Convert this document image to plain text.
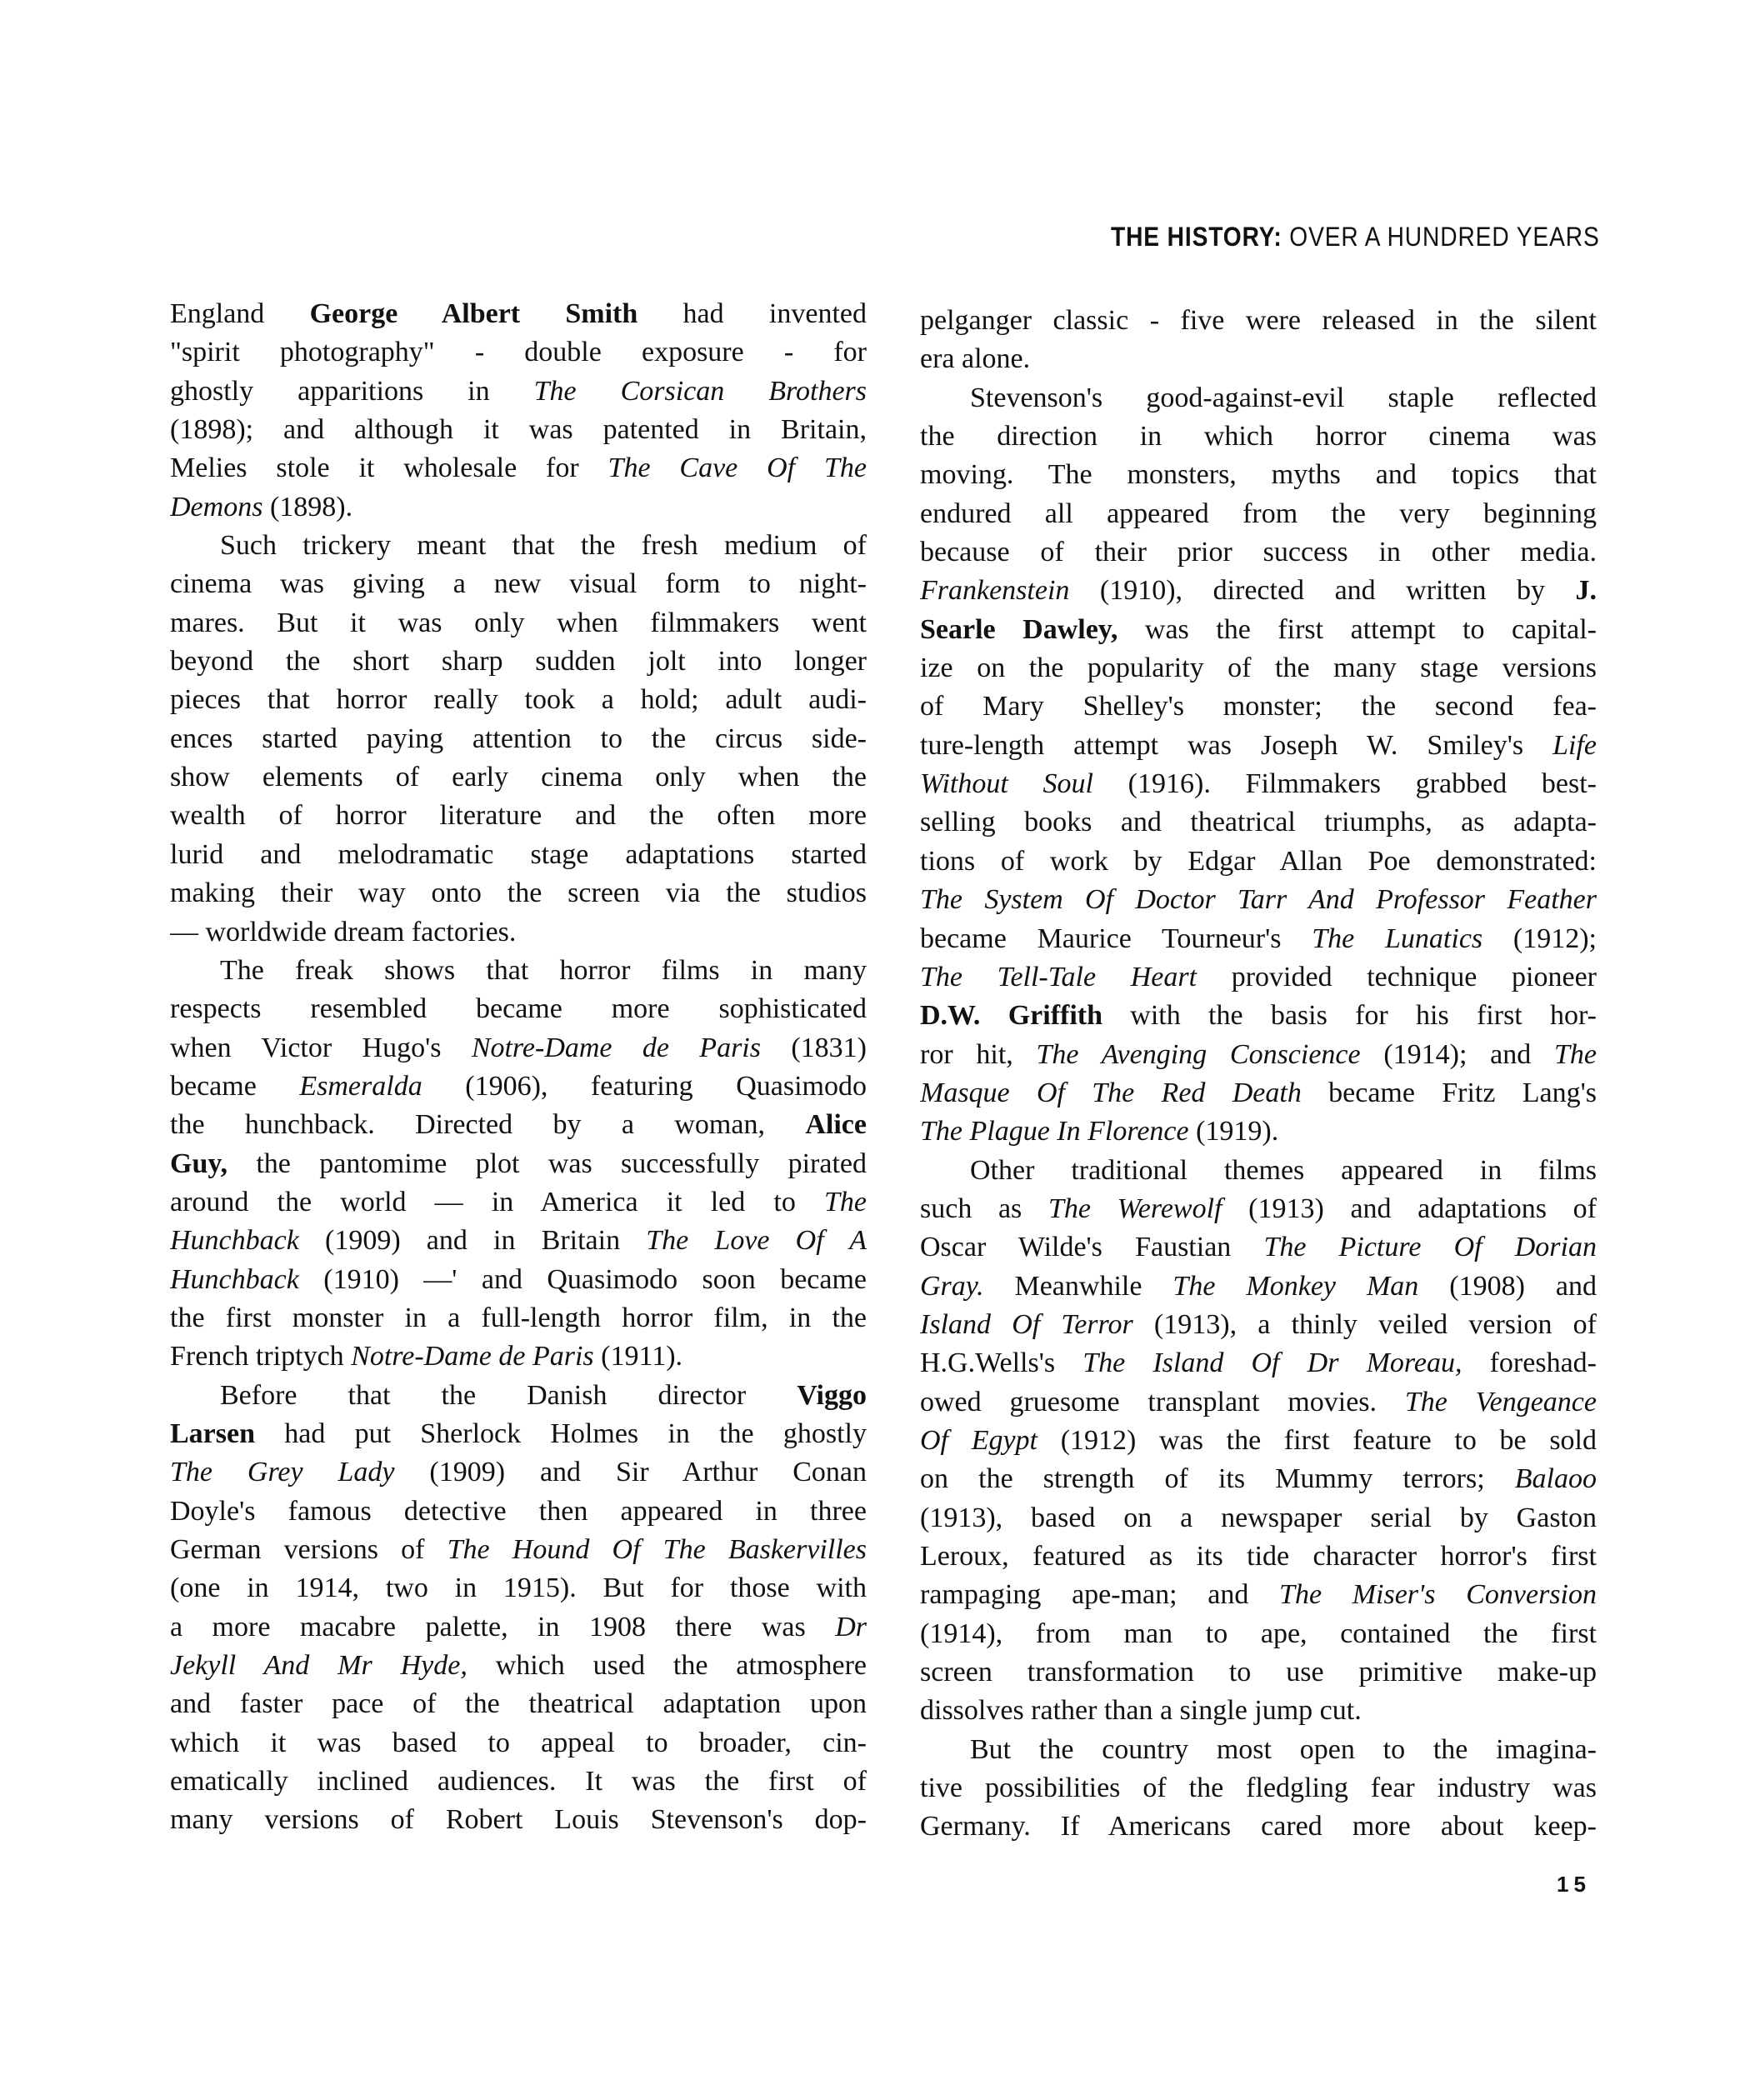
THE HISTORY: OVER A HUNDRED YEARS
England George Albert Smith had invented
"spirit photography" - double exposure - for
ghostly apparitions in The Corsican Brothers
(1898); and although it was patented in Britain,
Melies stole it wholesale for The Cave Of The
Demons (1898).
Such trickery meant that the fresh medium of
cinema was giving a new visual form to night-
mares. But it was only when filmmakers went
beyond the short sharp sudden jolt into longer
pieces that horror really took a hold; adult audi-
ences started paying attention to the circus side-
show elements of early cinema only when the
wealth of horror literature and the often more
lurid and melodramatic stage adaptations started
making their way onto the screen via the studios
— worldwide dream factories.
The freak shows that horror films in many
respects resembled became more sophisticated
when Victor Hugo's Notre-Dame de Paris (1831)
became Esmeralda (1906), featuring Quasimodo
the hunchback. Directed by a woman, Alice
Guy, the pantomime plot was successfully pirated
around the world — in America it led to The
Hunchback (1909) and in Britain The Love Of A
Hunchback (1910) —' and Quasimodo soon became
the first monster in a full-length horror film, in the
French triptych Notre-Dame de Paris (1911).
Before that the Danish director Viggo
Larsen had put Sherlock Holmes in the ghostly
The Grey Lady (1909) and Sir Arthur Conan
Doyle's famous detective then appeared in three
German versions of The Hound Of The Baskervilles
(one in 1914, two in 1915). But for those with
a more macabre palette, in 1908 there was Dr
Jekyll And Mr Hyde, which used the atmosphere
and faster pace of the theatrical adaptation upon
which it was based to appeal to broader, cin-
ematically inclined audiences. It was the first of
many versions of Robert Louis Stevenson's dop-
pelganger classic - five were released in the silent
era alone.
Stevenson's good-against-evil staple reflected
the direction in which horror cinema was
moving. The monsters, myths and topics that
endured all appeared from the very beginning
because of their prior success in other media.
Frankenstein (1910), directed and written by J.
Searle Dawley, was the first attempt to capital-
ize on the popularity of the many stage versions
of Mary Shelley's monster; the second fea-
ture-length attempt was Joseph W. Smiley's Life
Without Soul (1916). Filmmakers grabbed best-
selling books and theatrical triumphs, as adapta-
tions of work by Edgar Allan Poe demonstrated:
The System Of Doctor Tarr And Professor Feather
became Maurice Tourneur's The Lunatics (1912);
The Tell-Tale Heart provided technique pioneer
D.W. Griffith with the basis for his first hor-
ror hit, The Avenging Conscience (1914); and The
Masque Of The Red Death became Fritz Lang's
The Plague In Florence (1919).
Other traditional themes appeared in films
such as The Werewolf (1913) and adaptations of
Oscar Wilde's Faustian The Picture Of Dorian
Gray. Meanwhile The Monkey Man (1908) and
Island Of Terror (1913), a thinly veiled version of
H.G.Wells's The Island Of Dr Moreau, foreshad-
owed gruesome transplant movies. The Vengeance
Of Egypt (1912) was the first feature to be sold
on the strength of its Mummy terrors; Balaoo
(1913), based on a newspaper serial by Gaston
Leroux, featured as its tide character horror's first
rampaging ape-man; and The Miser's Conversion
(1914), from man to ape, contained the first
screen transformation to use primitive make-up
dissolves rather than a single jump cut.
But the country most open to the imagina-
tive possibilities of the fledgling fear industry was
Germany. If Americans cared more about keep-
15
